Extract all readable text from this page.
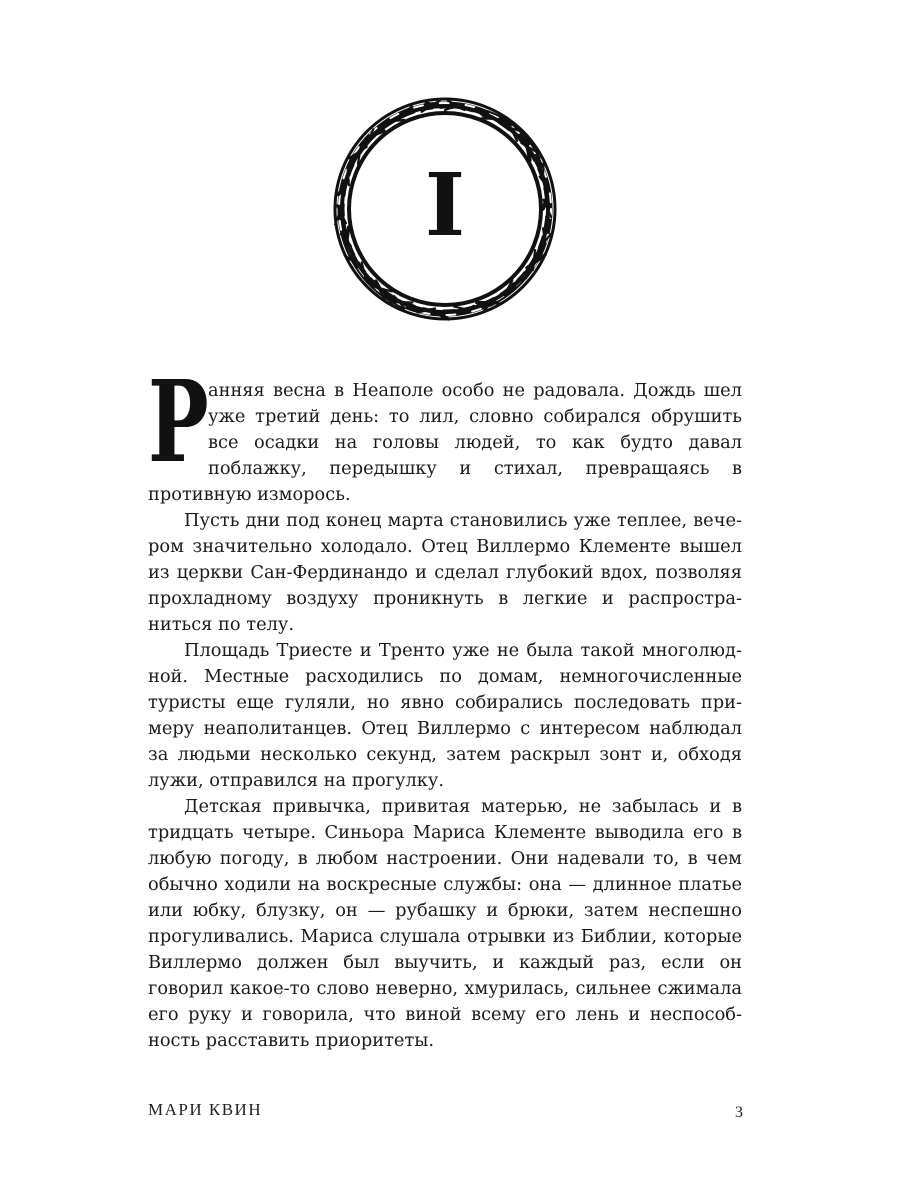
I

Ранняя весна в Неаполе особо не радовала. Дождь шел уже третий день: то лил, словно собирался обрушить все осадки на головы людей, то как будто давал поблажку, передышку и стихал, превращаясь в противную изморось.

Пусть дни под конец марта становились уже теплее, вечером значительно холодало. Отец Виллермо Клементе вышел из церкви Сан-Фердинандо и сделал глубокий вдох, позволяя прохладному воздуху проникнуть в легкие и распространиться по телу.

Площадь Триесте и Тренто уже не была такой многолюдной. Местные расходились по домам, немногочисленные туристы еще гуляли, но явно собирались последовать примеру неаполитанцев. Отец Виллермо с интересом наблюдал за людьми несколько секунд, затем раскрыл зонт и, обходя лужи, отправился на прогулку.

Детская привычка, привитая матерью, не забылась и в тридцать четыре. Синьора Мариса Клементе выводила его в любую погоду, в любом настроении. Они надевали то, в чем обычно ходили на воскресные службы: она — длинное платье или юбку, блузку, он — рубашку и брюки, затем неспешно прогуливались. Мариса слушала отрывки из Библии, которые Виллермо должен был выучить, и каждый раз, если он говорил какое-то слово неверно, хмурилась, сильнее сжимала его руку и говорила, что виной всему его лень и неспособность расставить приоритеты.

МАРИ КВИН	3
